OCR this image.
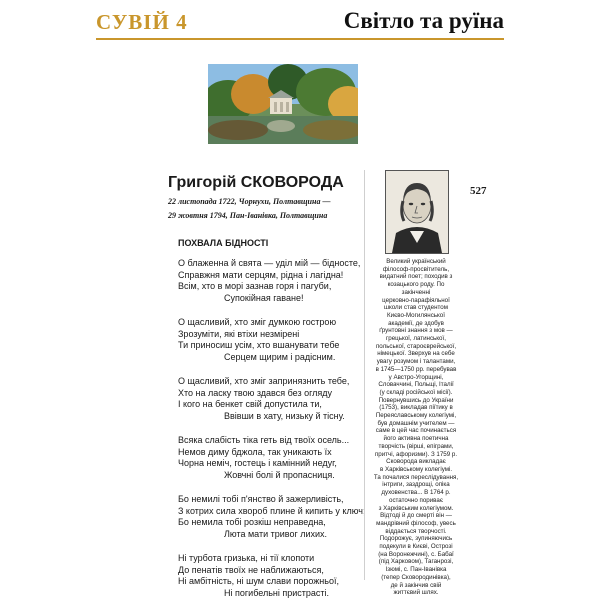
СУВІЙ 4	Світло та руїна
527
Григорій СКОВОРОДА
22 листопада 1722, Чорнухи, Полтавщина —
29 жовтня 1794, Пан-Іванівка, Полтавщина
ПОХВАЛА БІДНОСТІ
О блаженна й свята — уділ мій — бідносте,
Справжня мати серцям, рідна і лагідна!
Всім, хто в морі зазнав горя і пагуби,
Супокійная гаване!
О щасливий, хто зміг думкою гострою
Зрозуміти, які втіхи незмірені
Ти приносиш усім, хто вшанувати тебе
Серцем щирим і радісним.
О щасливий, хто зміг запринязнить тебе,
Хто на ласку твою здався без огляду
І кого на бенкет свій допустила ти,
Ввівши в хату, низьку й тісну.
Всяка слабість тіка геть від твоїх осель...
Немов диму бджола, так уникають їх
Чорна неміч, гостець і камінний недуг,
Жовчні болі й пропасниця.
Бо немилі тобі п'янство й зажерливість,
З котрих сила хвороб плине й кипить у ключ;
Бо немила тобі розкіш неправедна,
Люта мати тривог лихих.
Ні турбота гризька, ні тії клопоти
До пенатів твоїх не наближаються,
Ні амбітність, ні шум слави порожньої,
Ні погибельні пристрасті.
Великий український
філософ-просвітитель,
видатний поет; походив з
козацького роду. По
закінченні
церковно-парафіяльної
школи став студентом
Києво-Могилянської
академії, де здобув
ґрунтовні знання з мов —
грецької, латинської,
польської, староєврейської,
німецької. Зверхув на себе
увагу розумом і талантами,
в 1745—1750 рр. перебував
у Австро-Угорщині,
Словаччині, Польщі, Італії
(у складі російської місії).
Повернувшись до України
(1753), викладав піїтику в
Переяславському колегіумі,
був домашнім учителем —
саме в цей час починається
його активна поетична
творчість (вірші, епіграми,
притчі, афоризми). З 1759 р.
Сковорода викладає
в Харківському колегіумі.
Та почалися переслідування,
інтриги, заздрощі, опіка
духовенства... В 1764 р.
остаточно пориває
з Харківським колегіумом.
Відтоді й до смерті він —
мандрівний філософ, увесь
віддається творчості.
Подорожує, зупиняючись
подекули в Києві, Острозі
(на Воронежчині), с. Бабаї
(під Харковом), Таганрозі,
Ізюмі, с. Пан-Іванівка
(тепер Сковородинівка),
де й закінчив свій
життєвий шлях.
